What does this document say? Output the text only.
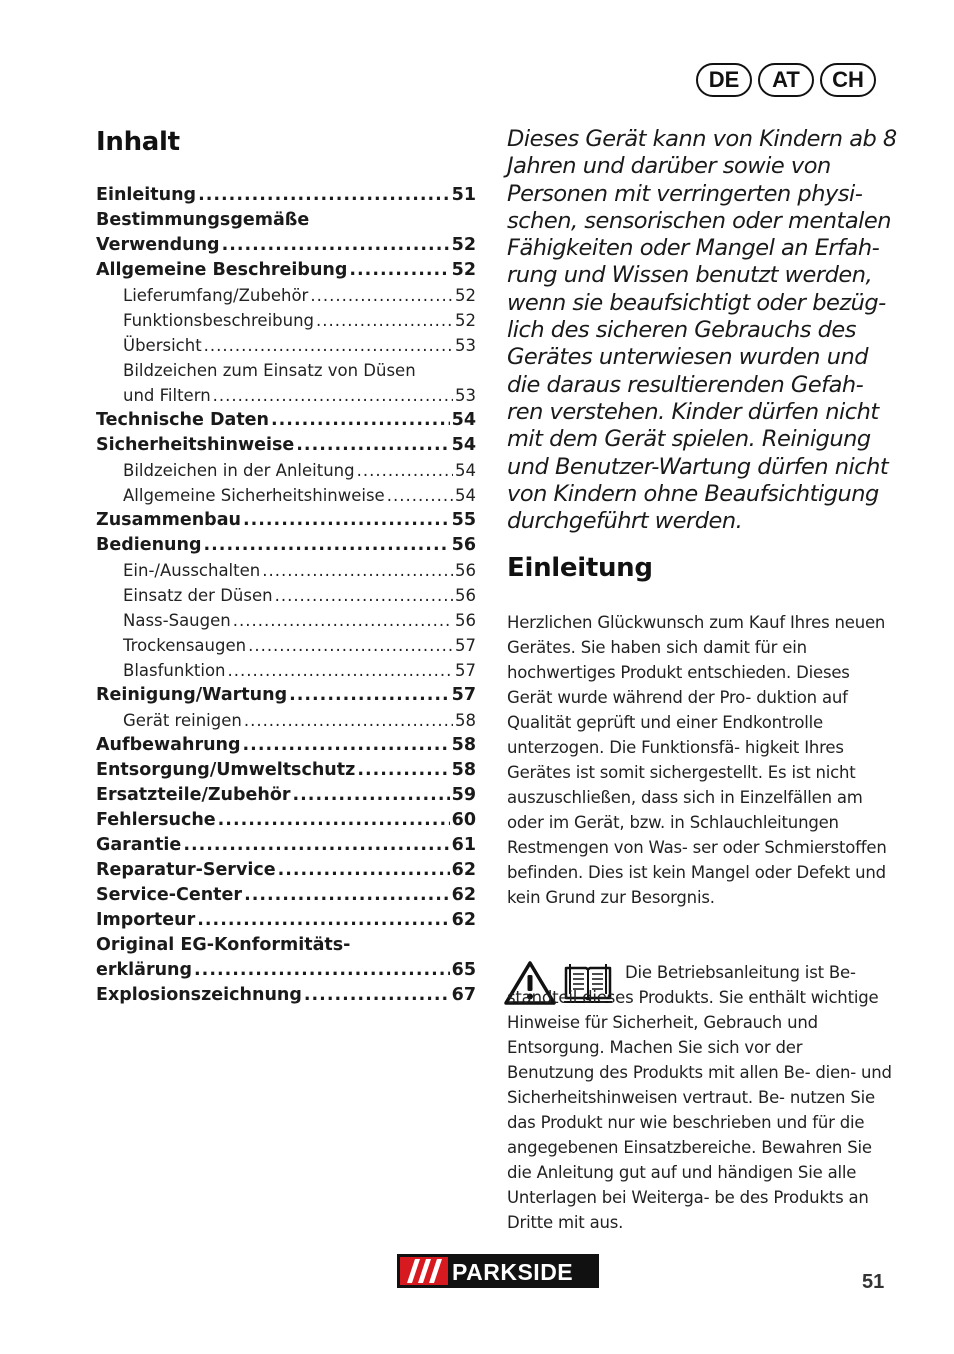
DE	AT	CH
Inhalt
Einleitung .....	51
Bestimmungsgemäße
Verwendung .....	52
Allgemeine Beschreibung .....	52
Lieferumfang/Zubehör .....	52
Funktionsbeschreibung .....	52
Übersicht .....	53
Bildzeichen zum Einsatz von Düsen
und Filtern .....	53
Technische Daten .....	54
Sicherheitshinweise .....	54
Bildzeichen in der Anleitung .....	54
Allgemeine Sicherheitshinweise .....	54
Zusammenbau .....	55
Bedienung .....	56
Ein-/Ausschalten .....	56
Einsatz der Düsen .....	56
Nass-Saugen .....	56
Trockensaugen .....	57
Blasfunktion .....	57
Reinigung/Wartung .....	57
Gerät reinigen .....	58
Aufbewahrung .....	58
Entsorgung/Umweltschutz .....	58
Ersatzteile/Zubehör .....	59
Fehlersuche .....	60
Garantie .....	61
Reparatur-Service .....	62
Service-Center .....	62
Importeur .....	62
Original EG-Konformitäts-
erklärung .....	65
Explosionszeichnung .....	67

Dieses Gerät kann von Kindern ab 8 Jahren und darüber sowie von Personen mit verringerten physi- schen, sensorischen oder mentalen Fähigkeiten oder Mangel an Erfah- rung und Wissen benutzt werden, wenn sie beaufsichtigt oder bezüg- lich des sicheren Gebrauchs des Gerätes unterwiesen wurden und die daraus resultierenden Gefah- ren verstehen. Kinder dürfen nicht mit dem Gerät spielen. Reinigung und Benutzer-Wartung dürfen nicht von Kindern ohne Beaufsichtigung durchgeführt werden.

Einleitung

Herzlichen Glückwunsch zum Kauf Ihres neuen Gerätes. Sie haben sich damit für ein hochwertiges Produkt entschieden. Dieses Gerät wurde während der Pro- duktion auf Qualität geprüft und einer Endkontrolle unterzogen. Die Funktionsfä- higkeit Ihres Gerätes ist somit sichergestellt. Es ist nicht auszuschließen, dass sich in Einzelfällen am oder im Gerät, bzw. in Schlauchleitungen Restmengen von Was- ser oder Schmierstoffen befinden. Dies ist kein Mangel oder Defekt und kein Grund zur Besorgnis.

Die Betriebsanleitung ist Be- standteil dieses Produkts. Sie enthält wichtige Hinweise für Sicherheit, Gebrauch und Entsorgung. Machen Sie sich vor der Benutzung des Produkts mit allen Be- dien- und Sicherheitshinweisen vertraut. Be- nutzen Sie das Produkt nur wie beschrieben und für die angegebenen Einsatzbereiche. Bewahren Sie die Anleitung gut auf und händigen Sie alle Unterlagen bei Weiterga- be des Produkts an Dritte mit aus.

PARKSIDE	51
